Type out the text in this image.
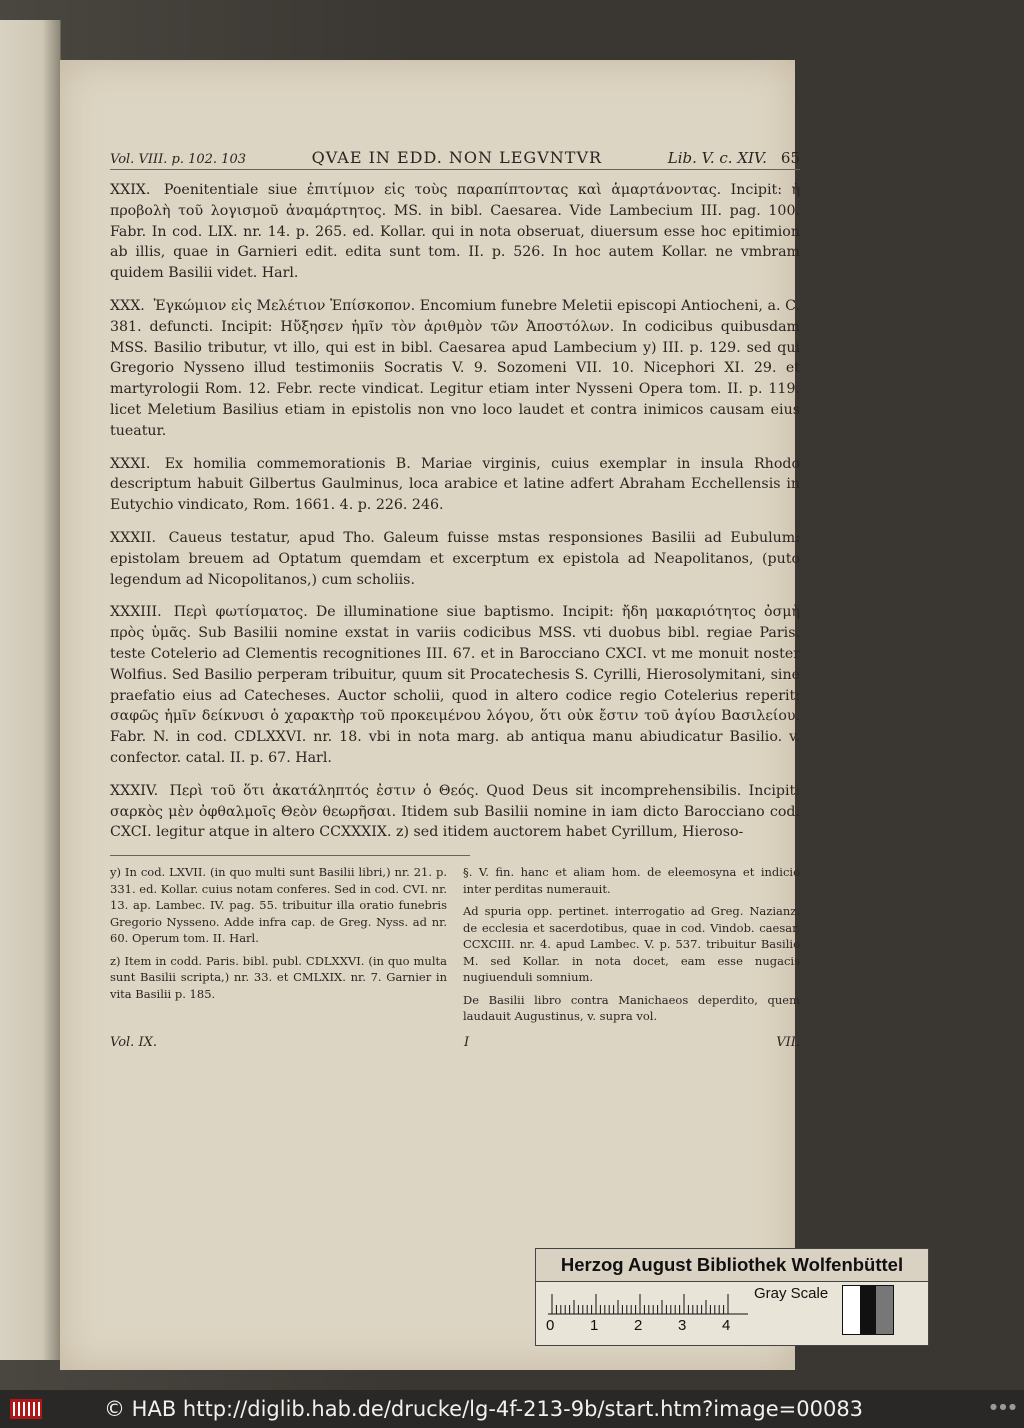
Vol. VIII. p. 102. 103	QVAE IN EDD. NON LEGVNTVR	Lib. V. c. XIV. 65
XXIX. Poenitentiale siue ἐπιτίμιον εἰς τοὺς παραπίπτοντας καὶ ἁμαρτάνοντας. Incipit: ἡ προβολὴ τοῦ λογισμοῦ ἀναμάρτητος. MS. in bibl. Caesarea. Vide Lambecium III. pag. 100. Fabr. In cod. LIX. nr. 14. p. 265. ed. Kollar. qui in nota obseruat, diuersum esse hoc epitimion ab illis, quae in Garnieri edit. edita sunt tom. II. p. 526. In hoc autem Kollar. ne vmbram quidem Basilii videt. Harl.
XXX. Ἐγκώμιον εἰς Μελέτιον Ἐπίσκοπον. Encomium funebre Meletii episcopi Antiocheni, a. C. 381. defuncti. Incipit: Ηὔξησεν ἡμῖν τὸν ἀριθμὸν τῶν Ἀποστόλων. In codicibus quibusdam MSS. Basilio tributur, vt illo, qui est in bibl. Caesarea apud Lambecium y) III. p. 129. sed qui Gregorio Nysseno illud testimoniis Socratis V. 9. Sozomeni VII. 10. Nicephori XI. 29. et martyrologii Rom. 12. Febr. recte vindicat. Legitur etiam inter Nysseni Opera tom. II. p. 119. licet Meletium Basilius etiam in epistolis non vno loco laudet et contra inimicos causam eius tueatur.
XXXI. Ex homilia commemorationis B. Mariae virginis, cuius exemplar in insula Rhodo descriptum habuit Gilbertus Gaulminus, loca arabice et latine adfert Abraham Ecchellensis in Eutychio vindicato, Rom. 1661. 4. p. 226. 246.
XXXII. Caueus testatur, apud Tho. Galeum fuisse mstas responsiones Basilii ad Eubulum: epistolam breuem ad Optatum quemdam et excerptum ex epistola ad Neapolitanos, (puto legendum ad Nicopolitanos,) cum scholiis.
XXXIII. Περὶ φωτίσματος. De illuminatione siue baptismo. Incipit: ἤδη μακαριότητος ὀσμὴ πρὸς ὑμᾶς. Sub Basilii nomine exstat in variis codicibus MSS. vti duobus bibl. regiae Paris. teste Coteleriо ad Clementis recognitiones III. 67. et in Barocciano CXCI. vt me monuit noster Wolfius. Sed Basilio perperam tribuitur, quum sit Procatechesis S. Cyrilli, Hierosolymitani, sine praefatio eius ad Catecheses. Auctor scholii, quod in altero codice regio Cotelerius reperit: σαφῶς ἡμῖν δείκνυσι ὁ χαρακτὴρ τοῦ προκειμένου λόγου, ὅτι οὐκ ἔστιν τοῦ ἁγίου Βασιλείου. Fabr. N. in cod. CDLXXVI. nr. 18. vbi in nota marg. ab antiqua manu abiudicatur Basilio. v. confector. catal. II. p. 67. Harl.
XXXIV. Περὶ τοῦ ὅτι ἀκατάληπτός ἐστιν ὁ Θεός. Quod Deus sit incomprehensibilis. Incipit: σαρκὸς μὲν ὀφθαλμοῖς Θεὸν θεωρῆσαι. Itidem sub Basilii nomine in iam dicto Barocciano cod. CXCI. legitur atque in altero CCXXXIX. z) sed itidem auctorem habet Cyrillum, Hieroso-

y) In cod. LXVII. (in quo multi sunt Basilii libri,) nr. 21. p. 331. ed. Kollar. cuius notam conferes. Sed in cod. CVI. nr. 13. ap. Lambec. IV. pag. 55. tribuitur illa oratio funebris Gregorio Nysseno. Adde infra cap. de Greg. Nyss. ad nr. 60. Operum tom. II. Harl.

z) Item in codd. Paris. bibl. publ. CDLXXVI. (in quo multa sunt Basilii scripta,) nr. 33. et CMLXIX. nr. 7. Garnier in vita Basilii p. 185.

§. V. fin. hanc et aliam hom. de eleemosyna et indicio inter perditas numerauit.

Ad spuria opp. pertinet. interrogatio ad Greg. Nazianz. de ecclesia et sacerdotibus, quae in cod. Vindob. caesar. CCXCIII. nr. 4. apud Lambec. V. p. 537. tribuitur Basilio M. sed Kollar. in nota docet, eam esse nugacis nugiuenduli somnium.

De Basilii libro contra Manichaeos deperdito, quem laudauit Augustinus, v. supra vol.

Vol. IX.	I	VII.
Herzog August Bibliothek Wolfenbüttel
0 1 2 3 4
Gray Scale
© HAB http://diglib.hab.de/drucke/lg-4f-213-9b/start.htm?image=00083	● ● ●
